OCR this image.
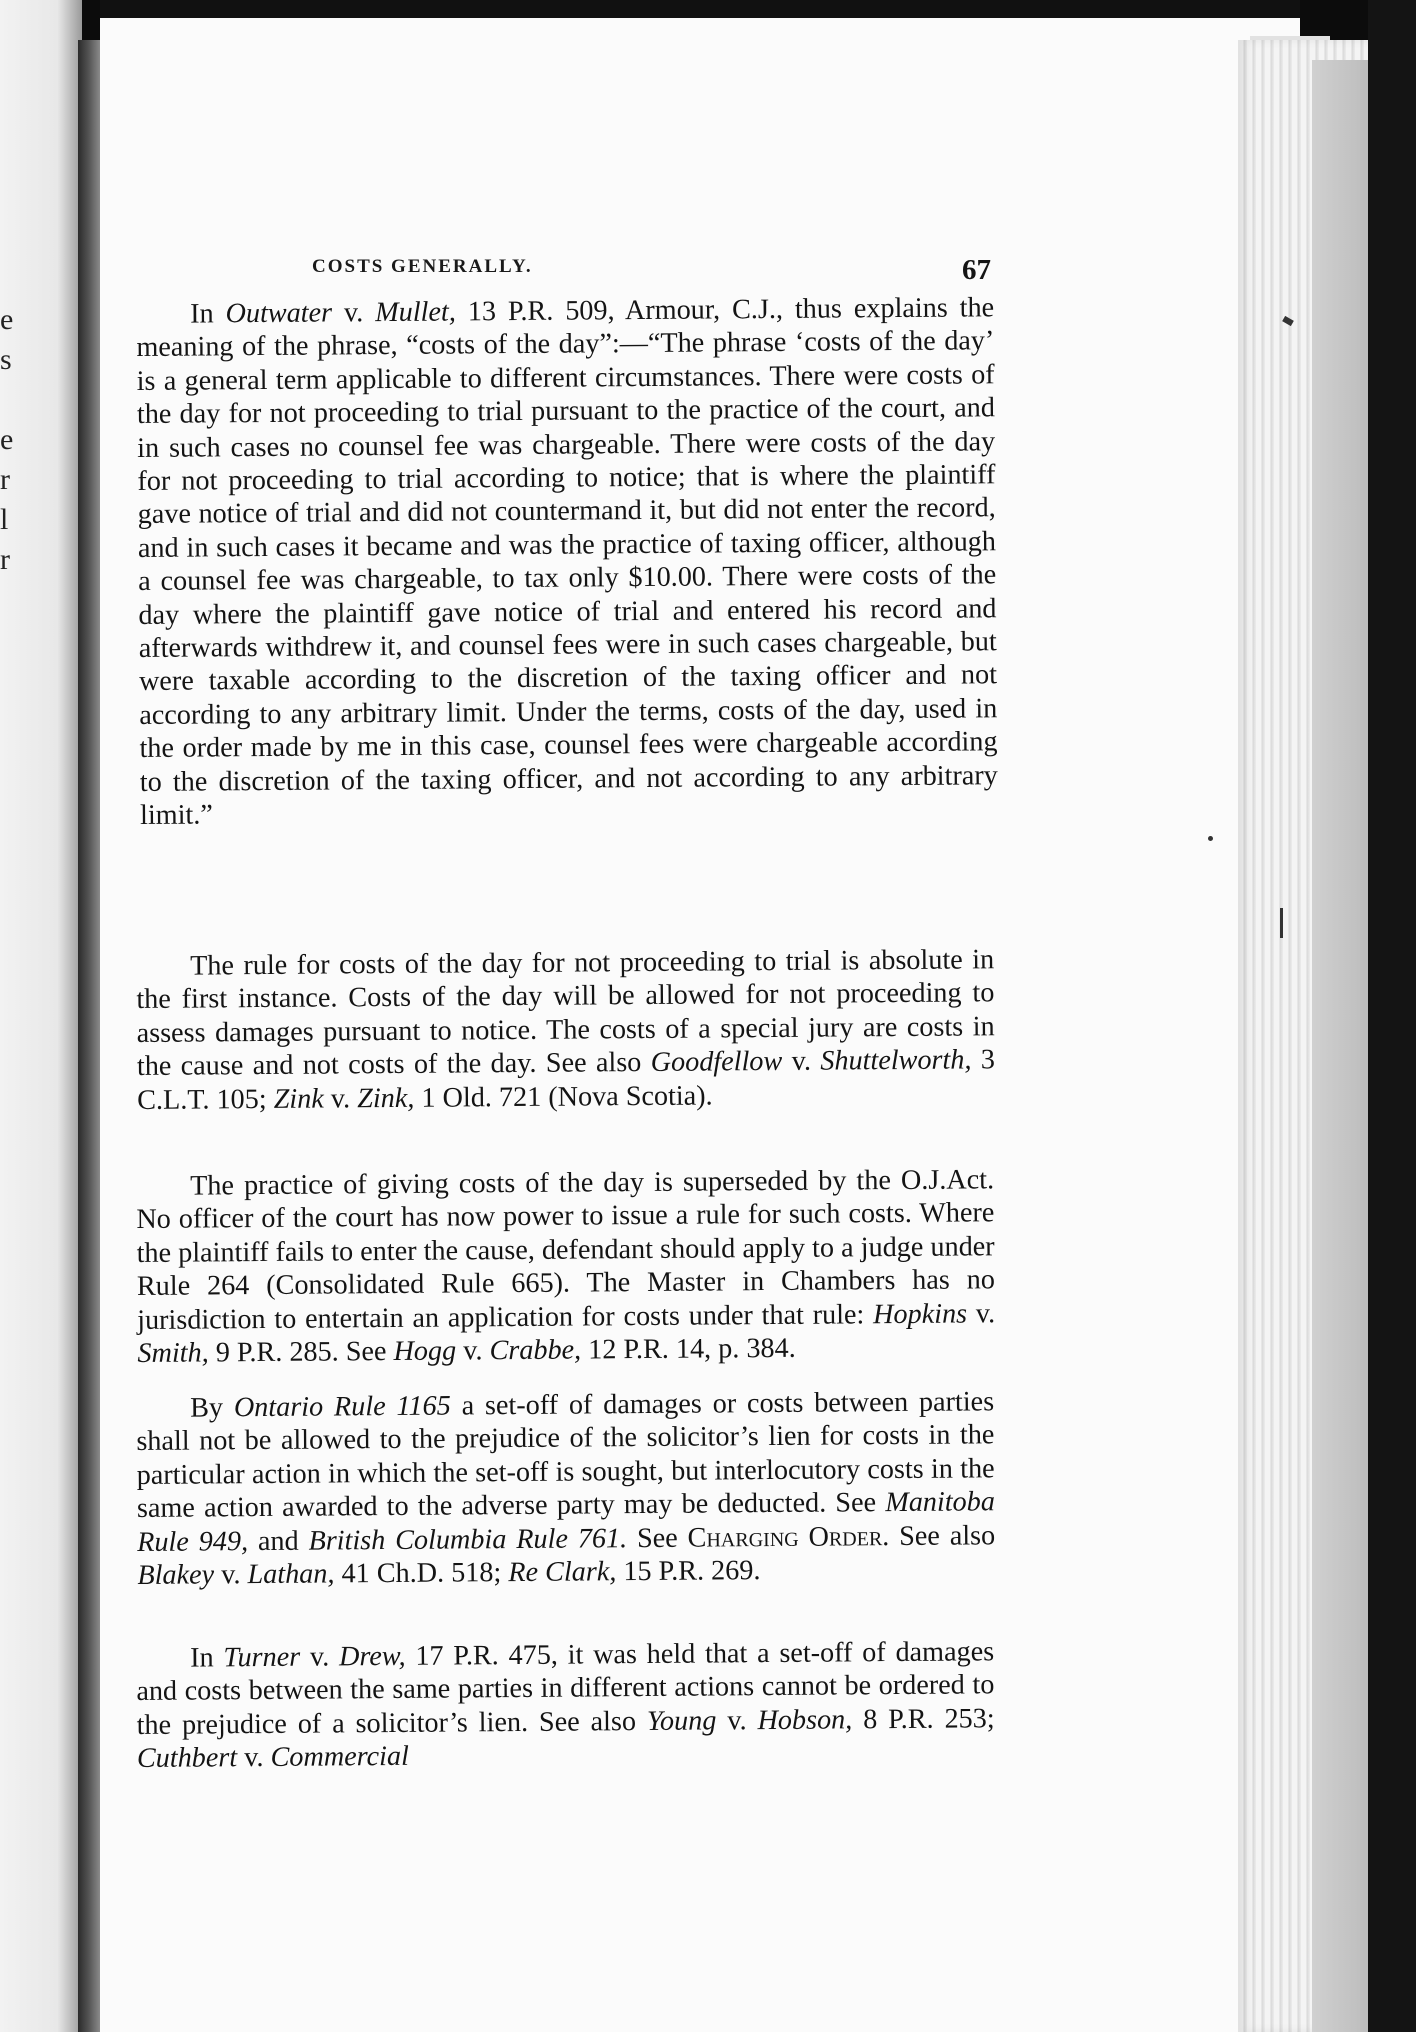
e
s
e
r
l
r
COSTS GENERALLY.	67

In Outwater v. Mullet, 13 P.R. 509, Armour, C.J., thus explains the meaning of the phrase, “costs of the day”:—“The phrase ‘costs of the day’ is a general term applicable to different circumstances. There were costs of the day for not proceeding to trial pursuant to the practice of the court, and in such cases no counsel fee was chargeable. There were costs of the day for not proceeding to trial according to notice; that is where the plaintiff gave notice of trial and did not countermand it, but did not enter the record, and in such cases it became and was the practice of taxing officer, although a counsel fee was chargeable, to tax only $10.00. There were costs of the day where the plaintiff gave notice of trial and entered his record and afterwards withdrew it, and counsel fees were in such cases chargeable, but were taxable according to the discretion of the taxing officer and not according to any arbitrary limit. Under the terms, costs of the day, used in the order made by me in this case, counsel fees were chargeable according to the discretion of the taxing officer, and not according to any arbitrary limit.”

The rule for costs of the day for not proceeding to trial is absolute in the first instance. Costs of the day will be allowed for not proceeding to assess damages pursuant to notice. The costs of a special jury are costs in the cause and not costs of the day. See also Goodfellow v. Shuttelworth, 3 C.L.T. 105; Zink v. Zink, 1 Old. 721 (Nova Scotia).

The practice of giving costs of the day is superseded by the O.J.Act. No officer of the court has now power to issue a rule for such costs. Where the plaintiff fails to enter the cause, defendant should apply to a judge under Rule 264 (Consolidated Rule 665). The Master in Chambers has no jurisdiction to entertain an application for costs under that rule: Hopkins v. Smith, 9 P.R. 285. See Hogg v. Crabbe, 12 P.R. 14, p. 384.

By Ontario Rule 1165 a set-off of damages or costs between parties shall not be allowed to the prejudice of the solicitor’s lien for costs in the particular action in which the set-off is sought, but interlocutory costs in the same action awarded to the adverse party may be deducted. See Manitoba Rule 949, and British Columbia Rule 761. See Charging Order. See also Blakey v. Lathan, 41 Ch.D. 518; Re Clark, 15 P.R. 269.

In Turner v. Drew, 17 P.R. 475, it was held that a set-off of damages and costs between the same parties in different actions cannot be ordered to the prejudice of a solicitor’s lien. See also Young v. Hobson, 8 P.R. 253; Cuthbert v. Commercial
